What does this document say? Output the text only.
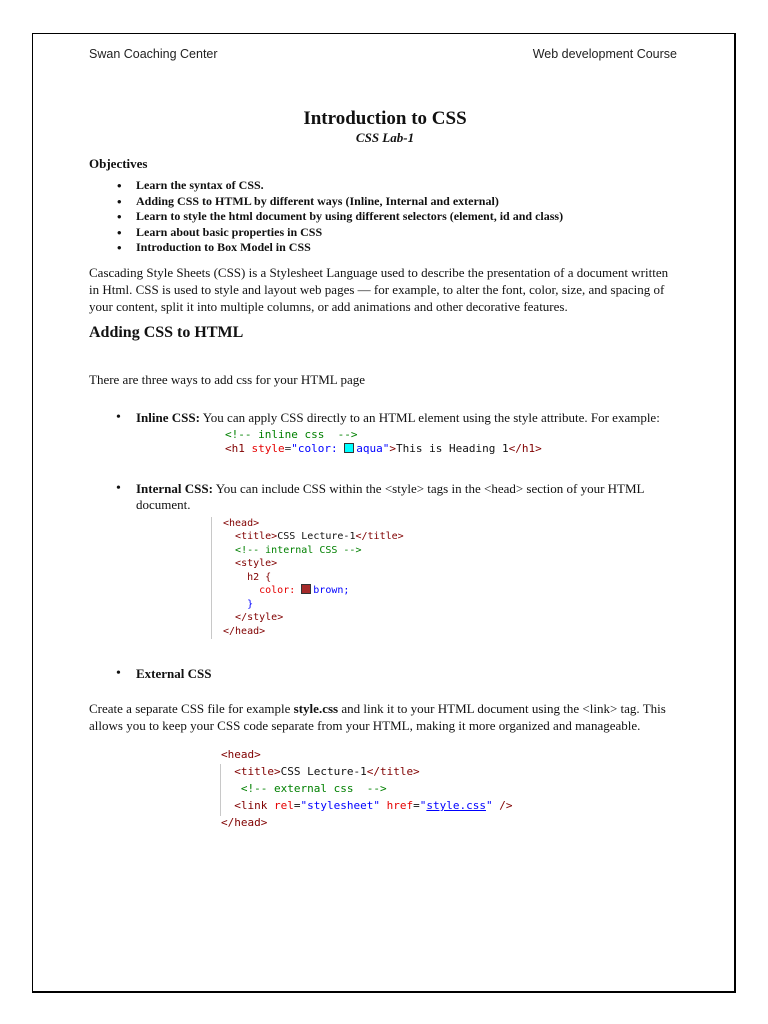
Swan Coaching Center	Web development Course
Introduction to CSS
CSS Lab-1
Objectives
• Learn the syntax of CSS.
• Adding CSS to HTML by different ways (Inline, Internal and external)
• Learn to style the html document by using different selectors (element, id and class)
• Learn about basic properties in CSS
• Introduction to Box Model in CSS

Cascading Style Sheets (CSS) is a Stylesheet Language used to describe the presentation of a document written in Html. CSS is used to style and layout web pages — for example, to alter the font, color, size, and spacing of your content, split it into multiple columns, or add animations and other decorative features.

Adding CSS to HTML

There are three ways to add css for your HTML page

• Inline CSS: You can apply CSS directly to an HTML element using the style attribute. For example:
<!-- inline css  -->
<h1 style="color: aqua">This is Heading 1</h1>
• Internal CSS: You can include CSS within the <style> tags in the <head> section of your HTML document.
<head>
<title>CSS Lecture-1</title>
<!-- internal CSS -->
<style>
h2 {
color: brown;
}
</style>
</head>
• External CSS

Create a separate CSS file for example style.css and link it to your HTML document using the <link> tag. This allows you to keep your CSS code separate from your HTML, making it more organized and manageable.

<head>
<title>CSS Lecture-1</title>
<!-- external css  -->
<link rel="stylesheet" href="style.css" />
</head>
